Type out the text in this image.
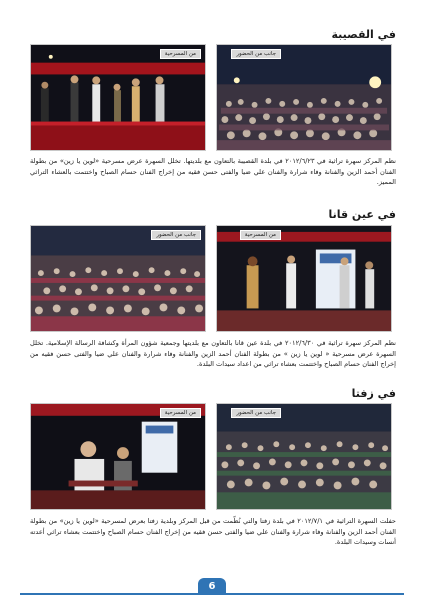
في القصيبة
جانب من الحضور
من المسرحية
نظم المركز سهرة تراثية في ٢٠١٢/٦/٢٣ في بلدة القصيبة بالتعاون مع بلديتها. تخلل السهرة عرض مسرحية «لوين يا زين» من بطولة الفنان أحمد الزين والفنانة وفاء شرارة والفنان علي ضيا والفتى حسن فقيه من إخراج الفنان حسام الصباح واختتمت بالعشاء التراثي المميز.
في عين قانا
من المسرحية
جانب من الحضور
نظم المركز سهرة تراثية في ٢٠١٢/٦/٣٠ في بلدة عين قانا بالتعاون مع بلديتها وجمعية شؤون المرأة وكشافة الرسالة الإسلامية. تخلل السهرة عرض مسرحية « لوين يا زين » من بطولة الفنان أحمد الزين والفنانة وفاء شرارة والفنان علي ضيا والفتى حسن فقيه من إخراج الفنان حسام الصباح واختتمت بعشاء تراثي من اعداد سيدات البلدة.
في زفتا
جانب من الحضور
من المسرحية
حفلت السهرة التراثية في ٢٠١٢/٧/١ في بلدة زفتا والتي نُظّمت من قبل المركز وبلدية زفتا بعرض لمسرحية «لوين يا زين» من بطولة الفنان أحمد الزين والفنانة وفاء شرارة والفنان علي ضيا والفتى حسن فقيه من إخراج الفنان حسام الصباح واختتمت بعشاء تراثي أعدته أنسات وسيدات البلدة.
6
